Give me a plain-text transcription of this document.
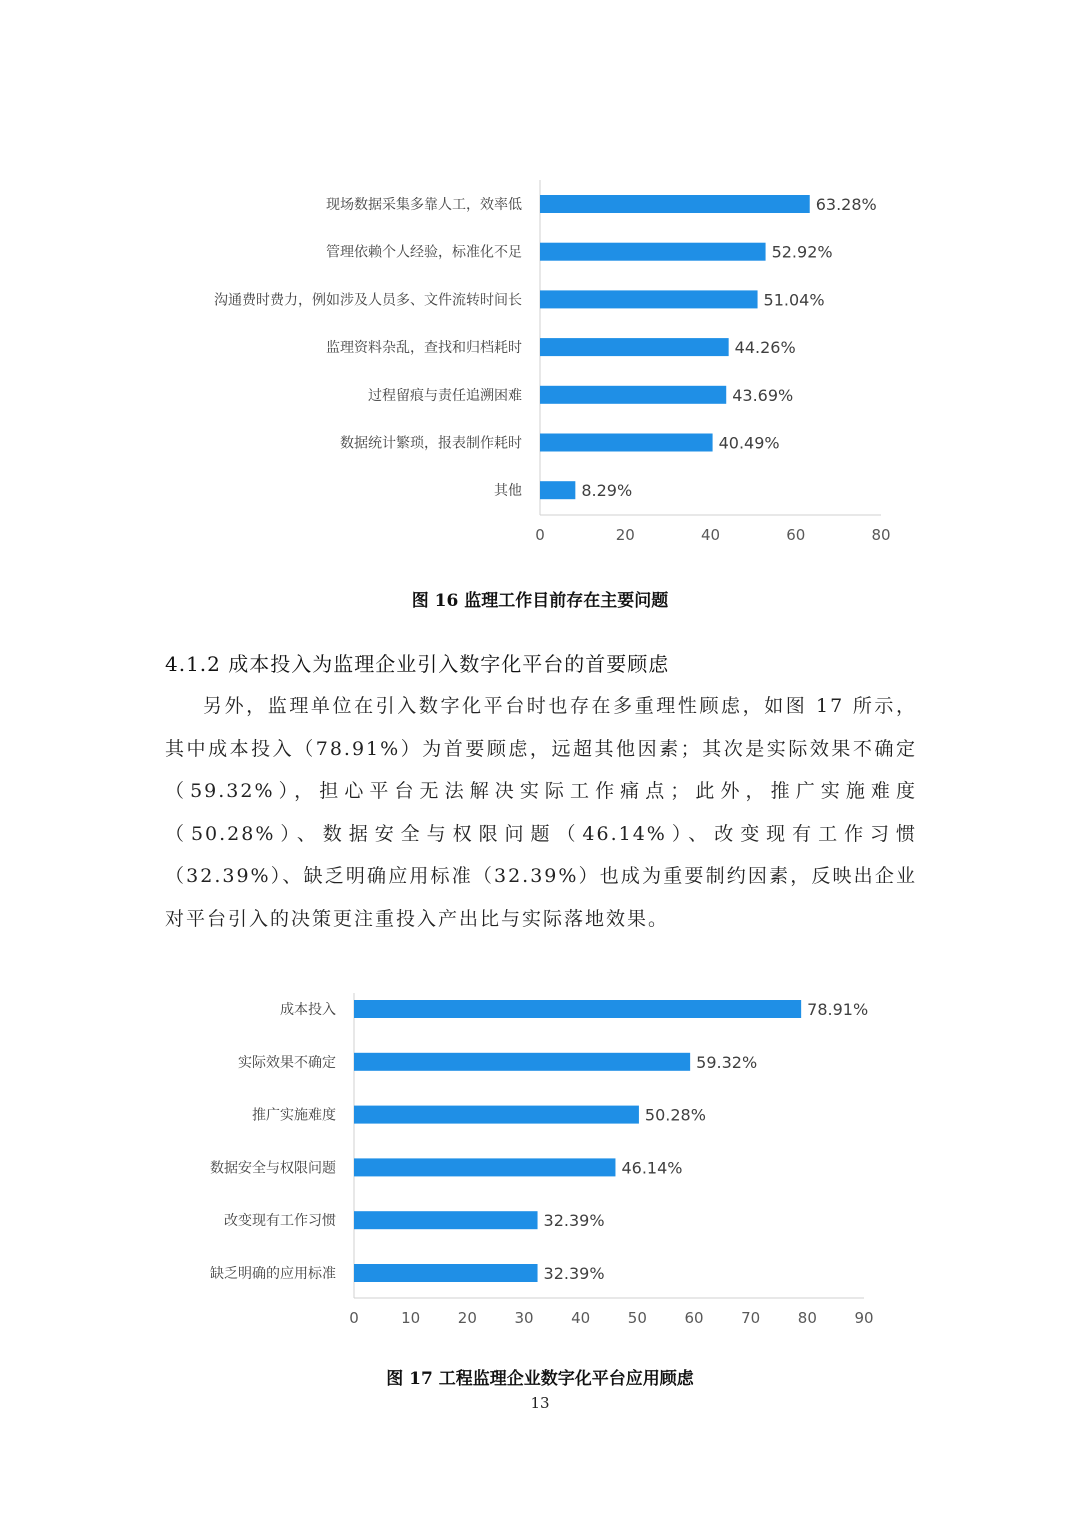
现场数据采集多靠人工，效率低	63.28%
管理依赖个人经验，标准化不足	52.92%
沟通费时费力，例如涉及人员多、文件流转时间长	51.04%
监理资料杂乱，查找和归档耗时	44.26%
过程留痕与责任追溯困难	43.69%
数据统计繁琐，报表制作耗时	40.49%
其他	8.29%
0	20	40	60	80
图 16 监理工作目前存在主要问题
4.1.2 成本投入为监理企业引入数字化平台的首要顾虑

另外，监理单位在引入数字化平台时也存在多重理性顾虑，如图 17 所示，其中成本投入（78.91%）为首要顾虑，远超其他因素；其次是实际效果不确定（59.32%），担心平台无法解决实际工作痛点；此外，推广实施难度（50.28%）、数据安全与权限问题（46.14%）、改变现有工作习惯（32.39%）、缺乏明确应用标准（32.39%）也成为重要制约因素，反映出企业对平台引入的决策更注重投入产出比与实际落地效果。

成本投入	78.91%
实际效果不确定	59.32%
推广实施难度	50.28%
数据安全与权限问题	46.14%
改变现有工作习惯	32.39%
缺乏明确的应用标准	32.39%
0	10	20	30	40	50	60	70	80	90
图 17 工程监理企业数字化平台应用顾虑
13
